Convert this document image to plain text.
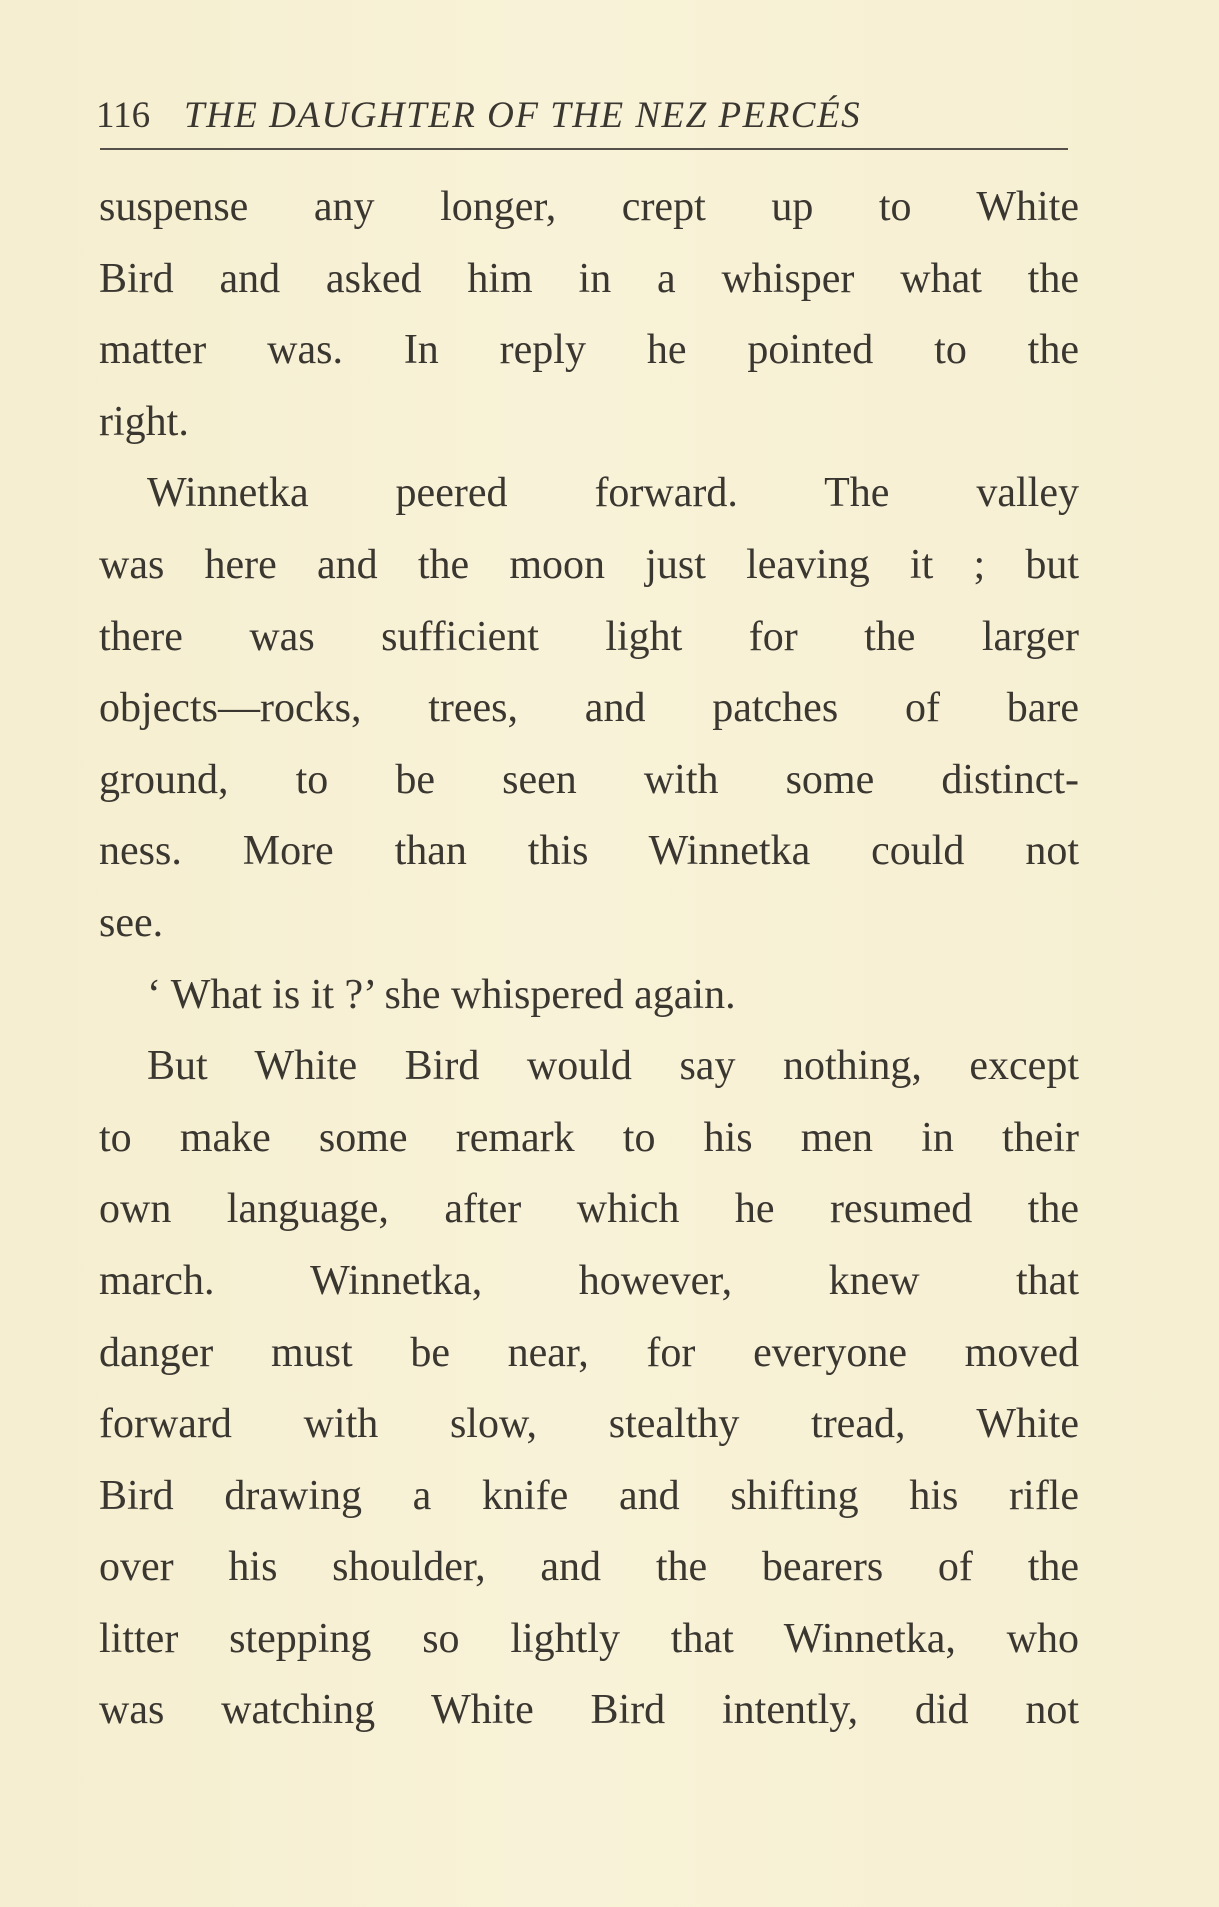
116 THE DAUGHTER OF THE NEZ PERCÉS
suspense any longer, crept up to White
Bird and asked him in a whisper what the
matter was. In reply he pointed to the
right.
Winnetka peered forward. The valley
was here and the moon just leaving it ; but
there was sufficient light for the larger
objects—rocks, trees, and patches of bare
ground, to be seen with some distinct-
ness. More than this Winnetka could not
see.
‘ What is it ?’ she whispered again.
But White Bird would say nothing, except
to make some remark to his men in their
own language, after which he resumed the
march. Winnetka, however, knew that
danger must be near, for everyone moved
forward with slow, stealthy tread, White
Bird drawing a knife and shifting his rifle
over his shoulder, and the bearers of the
litter stepping so lightly that Winnetka, who
was watching White Bird intently, did not
